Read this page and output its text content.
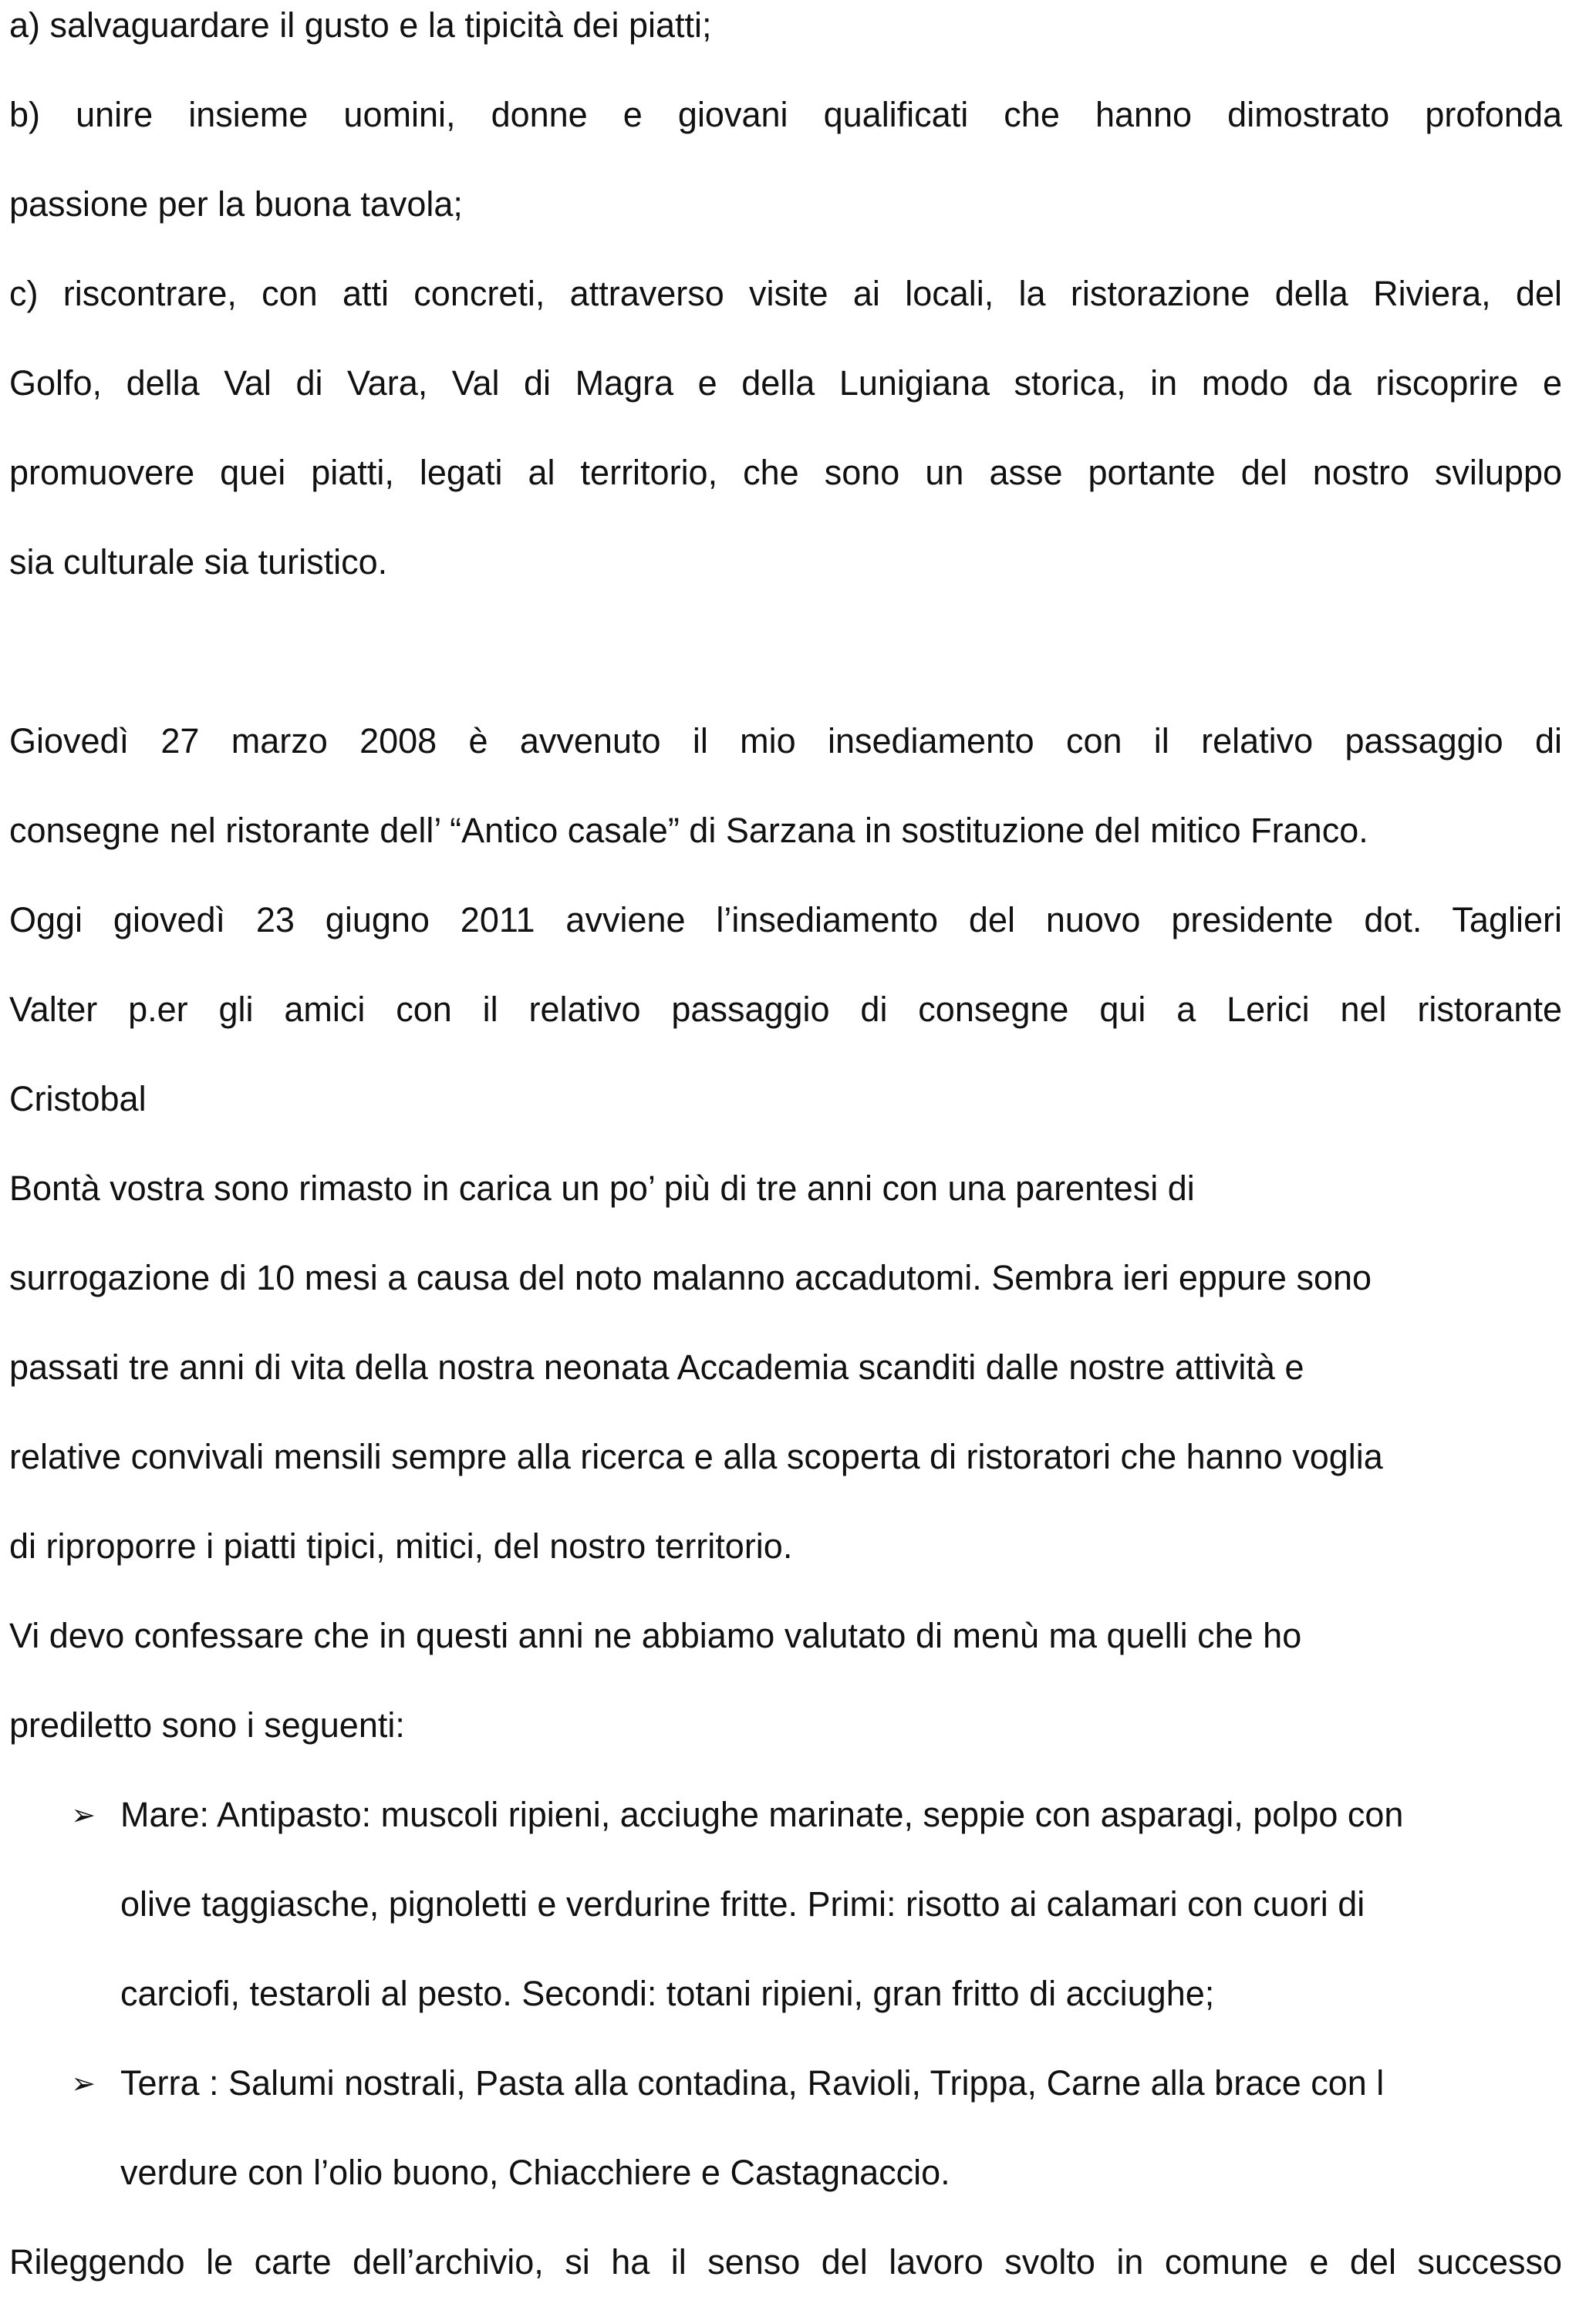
a) salvaguardare il gusto e la tipicità dei piatti;
b) unire insieme uomini, donne e giovani qualificati che hanno dimostrato profonda
passione per la buona tavola;
c) riscontrare, con atti concreti, attraverso visite ai locali, la ristorazione della Riviera, del
Golfo, della Val di Vara, Val di Magra e della Lunigiana storica, in modo da riscoprire e
promuovere quei piatti, legati al territorio, che sono un asse portante del nostro sviluppo
sia culturale sia turistico.
Giovedì 27 marzo 2008 è avvenuto il mio insediamento con il relativo passaggio di
consegne nel ristorante dell’ “Antico casale” di Sarzana in sostituzione del mitico Franco.
Oggi giovedì 23 giugno 2011 avviene l’insediamento del nuovo presidente dot. Taglieri
Valter p.er gli amici con il relativo passaggio di consegne qui a Lerici nel ristorante
Cristobal
Bontà vostra sono rimasto in carica un po’ più di tre anni con una parentesi di
surrogazione di 10 mesi a causa del noto malanno accadutomi. Sembra ieri eppure sono
passati tre anni di vita della nostra neonata Accademia scanditi dalle nostre attività e
relative convivali mensili sempre alla ricerca e alla scoperta di ristoratori che hanno voglia
di riproporre i piatti tipici, mitici, del nostro territorio.
Vi devo confessare che in questi anni ne abbiamo valutato di menù ma quelli che ho
prediletto sono i seguenti:
➢ Mare: Antipasto: muscoli ripieni, acciughe marinate, seppie con asparagi, polpo con
olive taggiasche, pignoletti e verdurine fritte. Primi: risotto ai calamari con cuori di
carciofi, testaroli al pesto. Secondi: totani ripieni, gran fritto di acciughe;
➢ Terra : Salumi nostrali, Pasta alla contadina, Ravioli, Trippa, Carne alla brace con l
verdure con l’olio buono, Chiacchiere e Castagnaccio.
Rileggendo le carte dell’archivio, si ha il senso del lavoro svolto in comune e del successo
